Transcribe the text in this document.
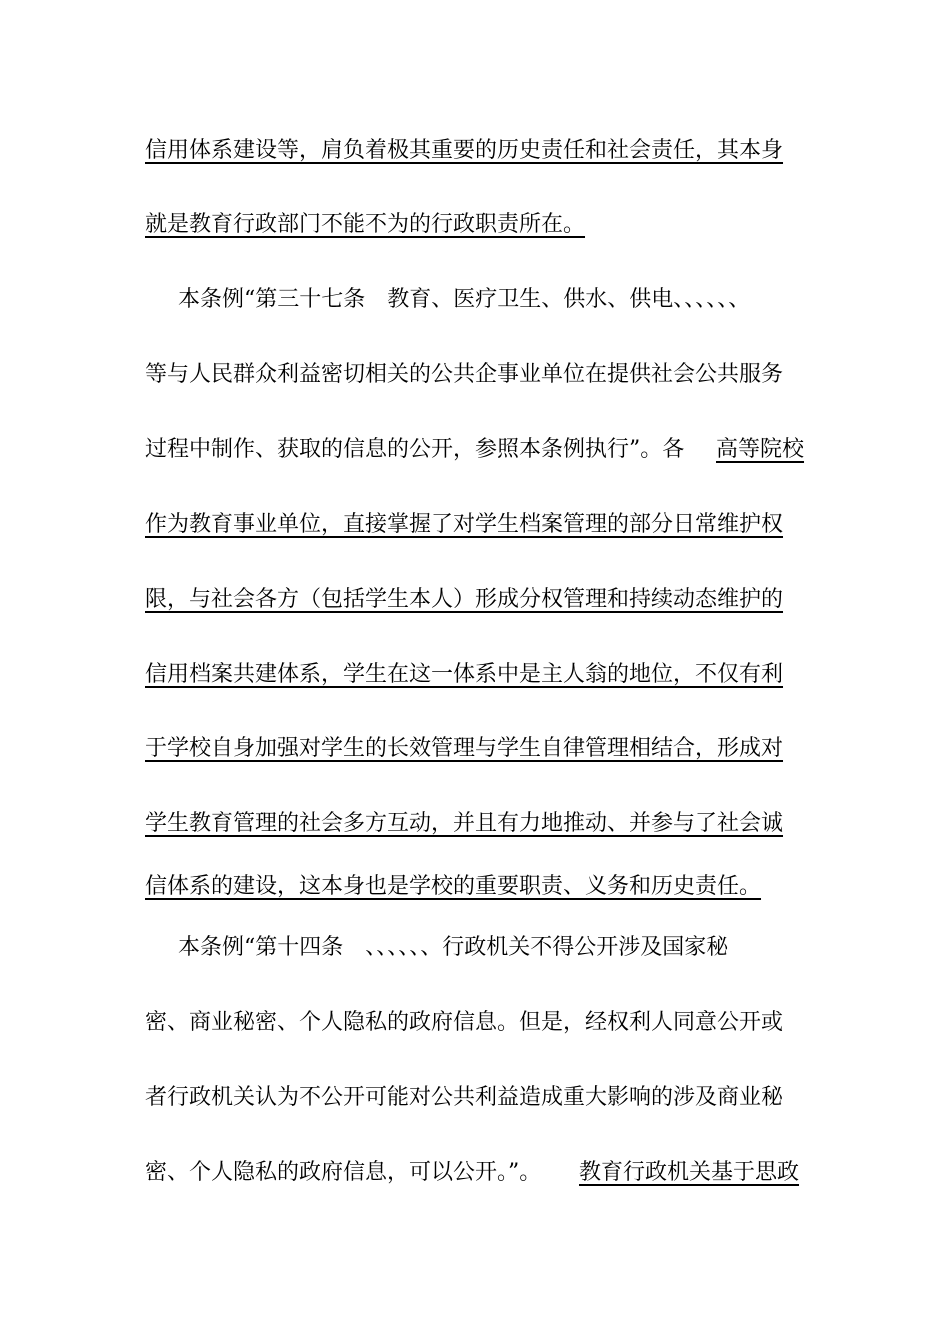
信用体系建设等，肩负着极其重要的历史责任和社会责任，其本身
就是教育行政部门不能不为的行政职责所在。
本条例“第三十七条　教育、医疗卫生、供水、供电、、、、、、
等与人民群众利益密切相关的公共企事业单位在提供社会公共服务
过程中制作、获取的信息的公开，参照本条例执行”。各 高等院校
作为教育事业单位，直接掌握了对学生档案管理的部分日常维护权
限，与社会各方（包括学生本人）形成分权管理和持续动态维护的
信用档案共建体系，学生在这一体系中是主人翁的地位，不仅有利
于学校自身加强对学生的长效管理与学生自律管理相结合，形成对
学生教育管理的社会多方互动，并且有力地推动、并参与了社会诚
信体系的建设，这本身也是学校的重要职责、义务和历史责任。
本条例“第十四条　、、、、、、行政机关不得公开涉及国家秘
密、商业秘密、个人隐私的政府信息。但是，经权利人同意公开或
者行政机关认为不公开可能对公共利益造成重大影响的涉及商业秘
密、个人隐私的政府信息，可以公开。”。 教育行政机关基于思政
